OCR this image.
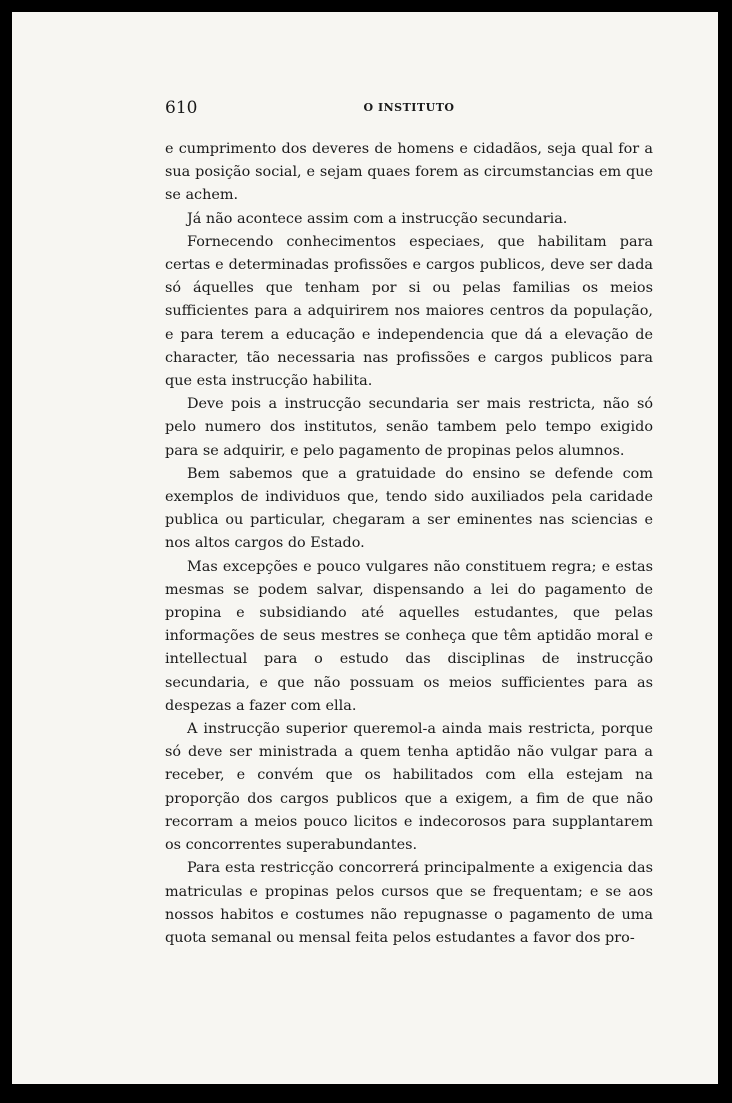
610	O INSTITUTO

e cumprimento dos deveres de homens e cidadãos, seja qual for a sua posição social, e sejam quaes forem as circumstancias em que se achem.

Já não acontece assim com a instrucção secundaria.

Fornecendo conhecimentos especiaes, que habilitam para certas e determinadas profissões e cargos publicos, deve ser dada só áquelles que tenham por si ou pelas familias os meios sufficientes para a adquirirem nos maiores centros da população, e para terem a educação e independencia que dá a elevação de character, tão necessaria nas profissões e cargos publicos para que esta instrucção habilita.

Deve pois a instrucção secundaria ser mais restricta, não só pelo numero dos institutos, senão tambem pelo tempo exigido para se adquirir, e pelo pagamento de propinas pelos alumnos.

Bem sabemos que a gratuidade do ensino se defende com exemplos de individuos que, tendo sido auxiliados pela caridade publica ou particular, chegaram a ser eminentes nas sciencias e nos altos cargos do Estado.

Mas excepções e pouco vulgares não constituem regra; e estas mesmas se podem salvar, dispensando a lei do pagamento de propina e subsidiando até aquelles estudantes, que pelas informações de seus mestres se conheça que têm aptidão moral e intellectual para o estudo das disciplinas de instrucção secundaria, e que não possuam os meios sufficientes para as despezas a fazer com ella.

A instrucção superior queremol-a ainda mais restricta, porque só deve ser ministrada a quem tenha aptidão não vulgar para a receber, e convém que os habilitados com ella estejam na proporção dos cargos publicos que a exigem, a fim de que não recorram a meios pouco licitos e indecorosos para supplantarem os concorrentes superabundantes.

Para esta restricção concorrerá principalmente a exigencia das matriculas e propinas pelos cursos que se frequentam; e se aos nossos habitos e costumes não repugnasse o pagamento de uma quota semanal ou mensal feita pelos estudantes a favor dos pro-
